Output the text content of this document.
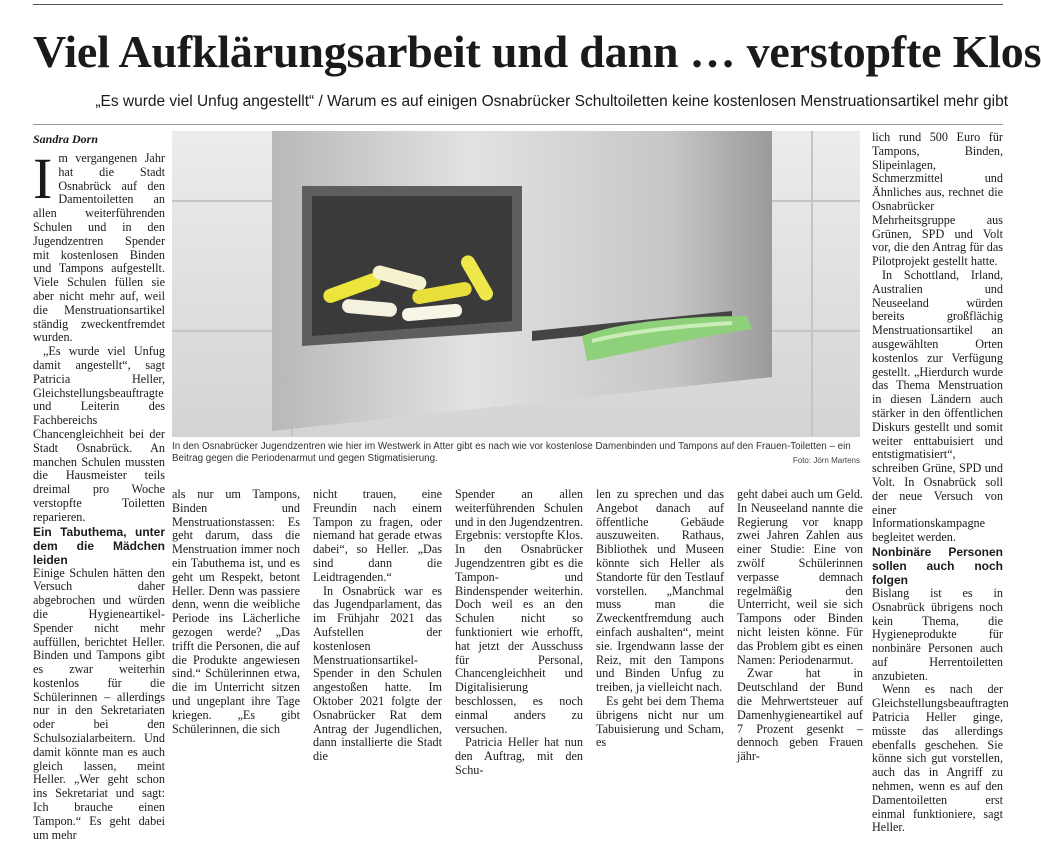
Viel Aufklärungsarbeit und dann … verstopfte Klos
„Es wurde viel Unfug angestellt“ / Warum es auf einigen Osnabrücker Schultoiletten keine kostenlosen Menstruationsartikel mehr gibt
Sandra Dorn

Im vergangenen Jahr hat die Stadt Osnabrück auf den Damentoiletten an allen weiterführenden Schulen und in den Jugendzentren Spender mit kostenlosen Binden und Tampons aufgestellt. Viele Schulen füllen sie aber nicht mehr auf, weil die Menstruationsartikel ständig zweckentfremdet wurden.

„Es wurde viel Unfug damit angestellt“, sagt Patricia Heller, Gleichstellungsbeauftragte und Leiterin des Fachbereichs Chancengleichheit bei der Stadt Osnabrück. An manchen Schulen mussten die Hausmeister teils dreimal pro Woche verstopfte Toiletten reparieren.

Ein Tabuthema, unter dem die Mädchen leiden

Einige Schulen hätten den Versuch daher abgebrochen und würden die Hygieneartikel-Spender nicht mehr auffüllen, berichtet Heller. Binden und Tampons gibt es zwar weiterhin kostenlos für die Schülerinnen – allerdings nur in den Sekretariaten oder bei den Schulsozialarbeitern. Und damit könnte man es auch gleich lassen, meint Heller. „Wer geht schon ins Sekretariat und sagt: Ich brauche einen Tampon.“ Es geht dabei um mehr

In den Osnabrücker Jugendzentren wie hier im Westwerk in Atter gibt es nach wie vor kostenlose Damenbinden und Tampons auf den Frauen-Toiletten – ein Beitrag gegen die Periodenarmut und gegen Stigmatisierung.	Foto: Jörn Martens

als nur um Tampons, Binden und Menstruationstassen: Es geht darum, dass die Menstruation immer noch ein Tabuthema ist, und es geht um Respekt, betont Heller. Denn was passiere denn, wenn die weibliche Periode ins Lächerliche gezogen werde? „Das trifft die Personen, die auf die Produkte angewiesen sind.“ Schülerinnen etwa, die im Unterricht sitzen und ungeplant ihre Tage kriegen. „Es gibt Schülerinnen, die sich

nicht trauen, eine Freundin nach einem Tampon zu fragen, oder niemand hat gerade etwas dabei“, so Heller. „Das sind dann die Leidtragenden.“

In Osnabrück war es das Jugendparlament, das im Frühjahr 2021 das Aufstellen der kostenlosen Menstruationsartikel-Spender in den Schulen angestoßen hatte. Im Oktober 2021 folgte der Osnabrücker Rat dem Antrag der Jugendlichen, dann installierte die Stadt die

Spender an allen weiterführenden Schulen und in den Jugendzentren. Ergebnis: verstopfte Klos. In den Osnabrücker Jugendzentren gibt es die Tampon- und Bindenspender weiterhin. Doch weil es an den Schulen nicht so funktioniert wie erhofft, hat jetzt der Ausschuss für Personal, Chancengleichheit und Digitalisierung beschlossen, es noch einmal anders zu versuchen.

Patricia Heller hat nun den Auftrag, mit den Schu-

len zu sprechen und das Angebot danach auf öffentliche Gebäude auszuweiten. Rathaus, Bibliothek und Museen könnte sich Heller als Standorte für den Testlauf vorstellen. „Manchmal muss man die Zweckentfremdung auch einfach aushalten“, meint sie. Irgendwann lasse der Reiz, mit den Tampons und Binden Unfug zu treiben, ja vielleicht nach.

Es geht bei dem Thema übrigens nicht nur um Tabuisierung und Scham, es

geht dabei auch um Geld. In Neuseeland nannte die Regierung vor knapp zwei Jahren Zahlen aus einer Studie: Eine von zwölf Schülerinnen verpasse demnach regelmäßig den Unterricht, weil sie sich Tampons oder Binden nicht leisten könne. Für das Problem gibt es einen Namen: Periodenarmut.

Zwar hat in Deutschland der Bund die Mehrwertsteuer auf Damenhygieneartikel auf 7 Prozent gesenkt – dennoch geben Frauen jähr-

lich rund 500 Euro für Tampons, Binden, Slipeinlagen, Schmerzmittel und Ähnliches aus, rechnet die Osnabrücker Mehrheitsgruppe aus Grünen, SPD und Volt vor, die den Antrag für das Pilotprojekt gestellt hatte.

In Schottland, Irland, Australien und Neuseeland würden bereits großflächig Menstruationsartikel an ausgewählten Orten kostenlos zur Verfügung gestellt. „Hierdurch wurde das Thema Menstruation in diesen Ländern auch stärker in den öffentlichen Diskurs gestellt und somit weiter enttabuisiert und entstigmatisiert“, schreiben Grüne, SPD und Volt. In Osnabrück soll der neue Versuch von einer Informationskampagne begleitet werden.

Nonbinäre Personen sollen auch noch folgen

Bislang ist es in Osnabrück übrigens noch kein Thema, die Hygieneprodukte für nonbinäre Personen auch auf Herrentoiletten anzubieten.

Wenn es nach der Gleichstellungsbeauftragten Patricia Heller ginge, müsste das allerdings ebenfalls geschehen. Sie könne sich gut vorstellen, auch das in Angriff zu nehmen, wenn es auf den Damentoiletten erst einmal funktioniere, sagt Heller.
